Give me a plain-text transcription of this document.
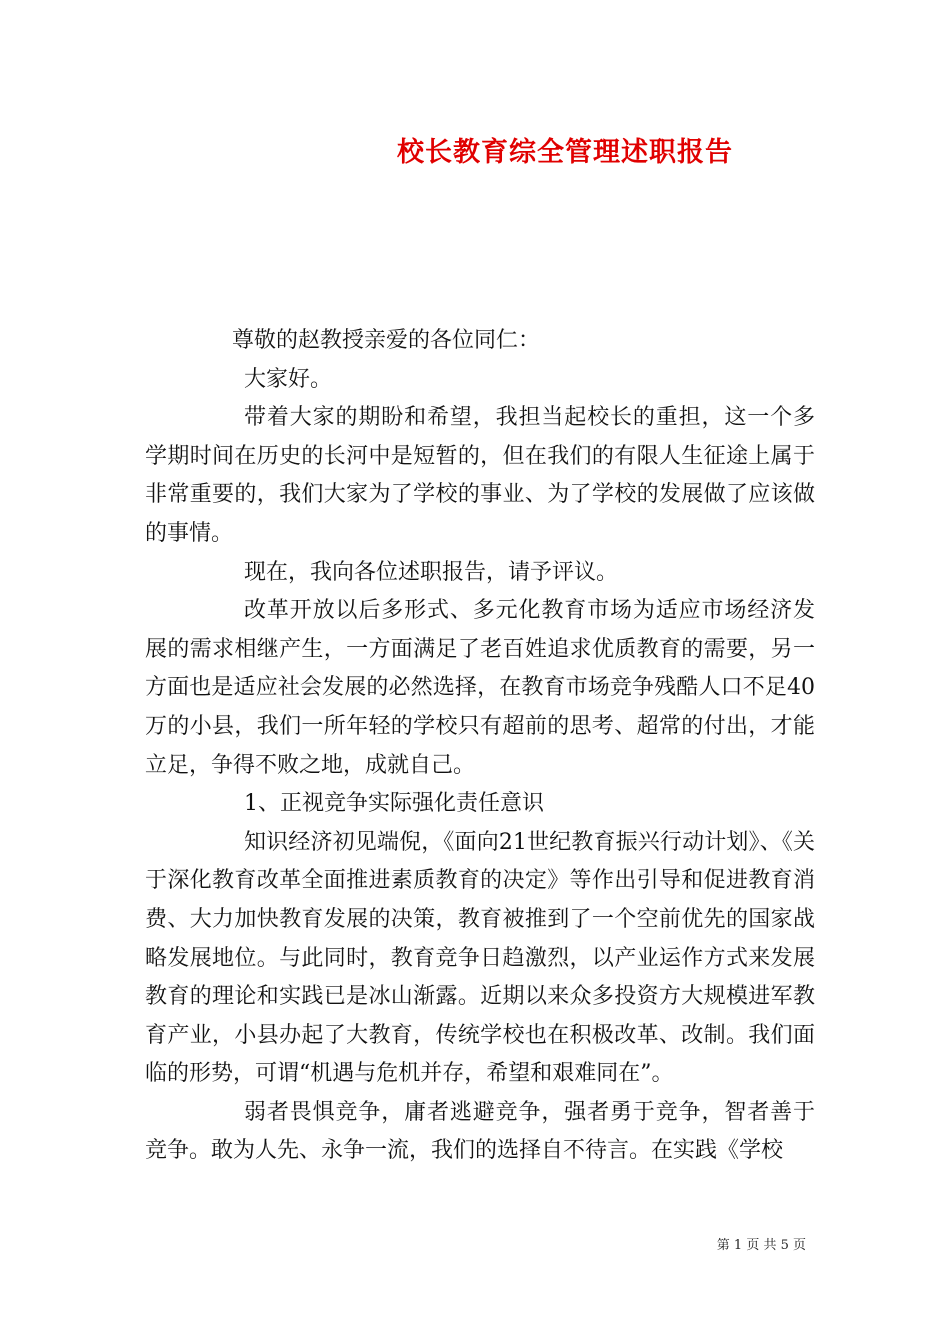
校长教育综全管理述职报告

尊敬的赵教授亲爱的各位同仁：

大家好。

带着大家的期盼和希望，我担当起校长的重担，这一个多学期时间在历史的长河中是短暂的，但在我们的有限人生征途上属于非常重要的，我们大家为了学校的事业、为了学校的发展做了应该做的事情。

现在，我向各位述职报告，请予评议。

改革开放以后多形式、多元化教育市场为适应市场经济发展的需求相继产生，一方面满足了老百姓追求优质教育的需要，另一方面也是适应社会发展的必然选择，在教育市场竞争残酷人口不足40万的小县，我们一所年轻的学校只有超前的思考、超常的付出，才能立足，争得不败之地，成就自己。

1、正视竞争实际强化责任意识

知识经济初见端倪，《面向21世纪教育振兴行动计划》、《关于深化教育改革全面推进素质教育的决定》等作出引导和促进教育消费、大力加快教育发展的决策，教育被推到了一个空前优先的国家战略发展地位。与此同时，教育竞争日趋激烈，以产业运作方式来发展教育的理论和实践已是冰山渐露。近期以来众多投资方大规模进军教育产业，小县办起了大教育，传统学校也在积极改革、改制。我们面临的形势，可谓“机遇与危机并存，希望和艰难同在”。

弱者畏惧竞争，庸者逃避竞争，强者勇于竞争，智者善于竞争。敢为人先、永争一流，我们的选择自不待言。在实践《学校

第 1 页 共 5 页
